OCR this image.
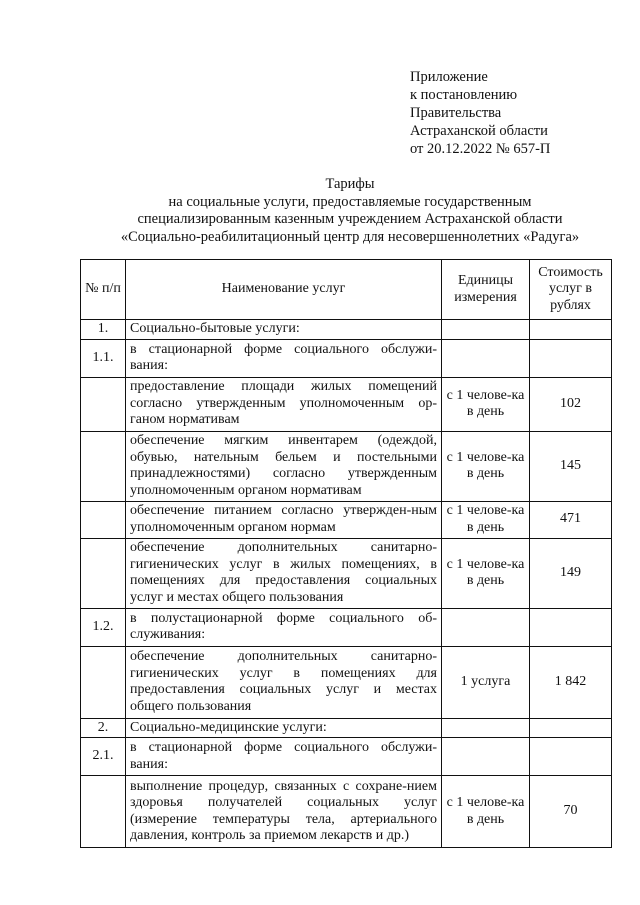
Приложение
к постановлению
Правительства
Астраханской области
от 20.12.2022 № 657-П
Тарифы
на социальные услуги, предоставляемые государственным
специализированным казенным учреждением Астраханской области
«Социально-реабилитационный центр для несовершеннолетних «Радуга»
№ п/п	Наименование услуг	Единицы измерения	Стоимость услуг в рублях
1.	Социально-бытовые услуги:		
1.1.	в стационарной форме социального обслужи-вания:		
	предоставление площади жилых помещений согласно утвержденным уполномоченным ор-ганом нормативам	с 1 челове-ка в день	102
	обеспечение мягким инвентарем (одеждой, обувью, нательным бельем и постельными принадлежностями) согласно утвержденным уполномоченным органом нормативам	с 1 челове-ка в день	145
	обеспечение питанием согласно утвержден-ным уполномоченным органом нормам	с 1 челове-ка в день	471
	обеспечение дополнительных санитарно-гигиенических услуг в жилых помещениях, в помещениях для предоставления социальных услуг и местах общего пользования	с 1 челове-ка в день	149
1.2.	в полустационарной форме социального об-служивания:		
	обеспечение дополнительных санитарно-гигиенических услуг в помещениях для предоставления социальных услуг и местах общего пользования	1 услуга	1 842
2.	Социально-медицинские услуги:		
2.1.	в стационарной форме социального обслужи-вания:		
	выполнение процедур, связанных с сохране-нием здоровья получателей социальных услуг (измерение температуры тела, артериального давления, контроль за приемом лекарств и др.)	с 1 челове-ка в день	70
